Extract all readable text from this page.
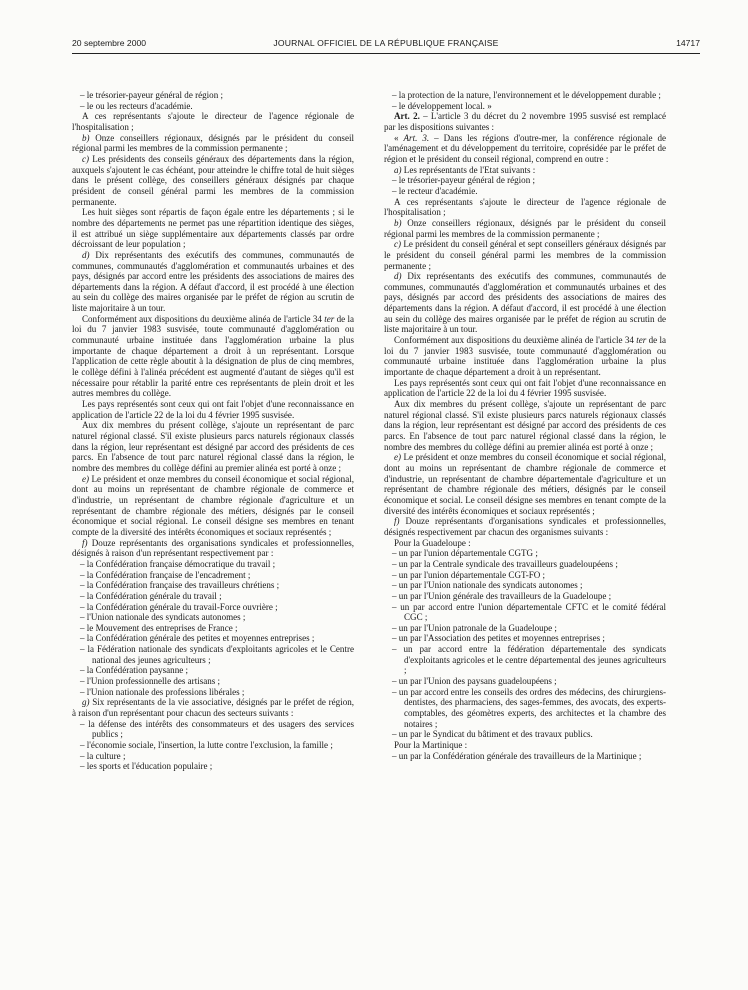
20 septembre 2000	JOURNAL OFFICIEL DE LA RÉPUBLIQUE FRANÇAISE	14717

– le trésorier-payeur général de région ;

– le ou les recteurs d'académie.

A ces représentants s'ajoute le directeur de l'agence régionale de l'hospitalisation ;

b) Onze conseillers régionaux, désignés par le président du conseil régional parmi les membres de la commission permanente ;

c) Les présidents des conseils généraux des départements dans la région, auxquels s'ajoutent le cas échéant, pour atteindre le chiffre total de huit sièges dans le présent collège, des conseillers généraux désignés par chaque président de conseil général parmi les membres de la commission permanente.

Les huit sièges sont répartis de façon égale entre les départements ; si le nombre des départements ne permet pas une répartition identique des sièges, il est attribué un siège supplémentaire aux départements classés par ordre décroissant de leur population ;

d) Dix représentants des exécutifs des communes, communautés de communes, communautés d'agglomération et communautés urbaines et des pays, désignés par accord entre les présidents des associations de maires des départements dans la région. A défaut d'accord, il est procédé à une élection au sein du collège des maires organisée par le préfet de région au scrutin de liste majoritaire à un tour.

Conformément aux dispositions du deuxième alinéa de l'article 34 ter de la loi du 7 janvier 1983 susvisée, toute communauté d'agglomération ou communauté urbaine instituée dans l'agglomération urbaine la plus importante de chaque département a droit à un représentant. Lorsque l'application de cette règle aboutit à la désignation de plus de cinq membres, le collège défini à l'alinéa précédent est augmenté d'autant de sièges qu'il est nécessaire pour rétablir la parité entre ces représentants de plein droit et les autres membres du collège.

Les pays représentés sont ceux qui ont fait l'objet d'une reconnaissance en application de l'article 22 de la loi du 4 février 1995 susvisée.

Aux dix membres du présent collège, s'ajoute un représentant de parc naturel régional classé. S'il existe plusieurs parcs naturels régionaux classés dans la région, leur représentant est désigné par accord des présidents de ces parcs. En l'absence de tout parc naturel régional classé dans la région, le nombre des membres du collège défini au premier alinéa est porté à onze ;

e) Le président et onze membres du conseil économique et social régional, dont au moins un représentant de chambre régionale de commerce et d'industrie, un représentant de chambre régionale d'agriculture et un représentant de chambre régionale des métiers, désignés par le conseil économique et social régional. Le conseil désigne ses membres en tenant compte de la diversité des intérêts économiques et sociaux représentés ;

f) Douze représentants des organisations syndicales et professionnelles, désignés à raison d'un représentant respectivement par :

– la Confédération française démocratique du travail ;

– la Confédération française de l'encadrement ;

– la Confédération française des travailleurs chrétiens ;

– la Confédération générale du travail ;

– la Confédération générale du travail-Force ouvrière ;

– l'Union nationale des syndicats autonomes ;

– le Mouvement des entreprises de France ;

– la Confédération générale des petites et moyennes entreprises ;

– la Fédération nationale des syndicats d'exploitants agricoles et le Centre national des jeunes agriculteurs ;

– la Confédération paysanne ;

– l'Union professionnelle des artisans ;

– l'Union nationale des professions libérales ;

g) Six représentants de la vie associative, désignés par le préfet de région, à raison d'un représentant pour chacun des secteurs suivants :

– la défense des intérêts des consommateurs et des usagers des services publics ;

– l'économie sociale, l'insertion, la lutte contre l'exclusion, la famille ;

– la culture ;

– les sports et l'éducation populaire ;

– la protection de la nature, l'environnement et le développement durable ;

– le développement local. »

Art. 2. – L'article 3 du décret du 2 novembre 1995 susvisé est remplacé par les dispositions suivantes :

« Art. 3. – Dans les régions d'outre-mer, la conférence régionale de l'aménagement et du développement du territoire, coprésidée par le préfet de région et le président du conseil régional, comprend en outre :

a) Les représentants de l'Etat suivants :

– le trésorier-payeur général de région ;

– le recteur d'académie.

A ces représentants s'ajoute le directeur de l'agence régionale de l'hospitalisation ;

b) Onze conseillers régionaux, désignés par le président du conseil régional parmi les membres de la commission permanente ;

c) Le président du conseil général et sept conseillers généraux désignés par le président du conseil général parmi les membres de la commission permanente ;

d) Dix représentants des exécutifs des communes, communautés de communes, communautés d'agglomération et communautés urbaines et des pays, désignés par accord des présidents des associations de maires des départements dans la région. A défaut d'accord, il est procédé à une élection au sein du collège des maires organisée par le préfet de région au scrutin de liste majoritaire à un tour.

Conformément aux dispositions du deuxième alinéa de l'article 34 ter de la loi du 7 janvier 1983 susvisée, toute communauté d'agglomération ou communauté urbaine instituée dans l'agglomération urbaine la plus importante de chaque département a droit à un représentant.

Les pays représentés sont ceux qui ont fait l'objet d'une reconnaissance en application de l'article 22 de la loi du 4 février 1995 susvisée.

Aux dix membres du présent collège, s'ajoute un représentant de parc naturel régional classé. S'il existe plusieurs parcs naturels régionaux classés dans la région, leur représentant est désigné par accord des présidents de ces parcs. En l'absence de tout parc naturel régional classé dans la région, le nombre des membres du collège défini au premier alinéa est porté à onze ;

e) Le président et onze membres du conseil économique et social régional, dont au moins un représentant de chambre régionale de commerce et d'industrie, un représentant de chambre départementale d'agriculture et un représentant de chambre régionale des métiers, désignés par le conseil économique et social. Le conseil désigne ses membres en tenant compte de la diversité des intérêts économiques et sociaux représentés ;

f) Douze représentants d'organisations syndicales et professionnelles, désignés respectivement par chacun des organismes suivants :

Pour la Guadeloupe :

– un par l'union départementale CGTG ;

– un par la Centrale syndicale des travailleurs guadeloupéens ;

– un par l'union départementale CGT-FO ;

– un par l'Union nationale des syndicats autonomes ;

– un par l'Union générale des travailleurs de la Guadeloupe ;

– un par accord entre l'union départementale CFTC et le comité fédéral CGC ;

– un par l'Union patronale de la Guadeloupe ;

– un par l'Association des petites et moyennes entreprises ;

– un par accord entre la fédération départementale des syndicats d'exploitants agricoles et le centre départemental des jeunes agriculteurs ;

– un par l'Union des paysans guadeloupéens ;

– un par accord entre les conseils des ordres des médecins, des chirurgiens-dentistes, des pharmaciens, des sages-femmes, des avocats, des experts-comptables, des géomètres experts, des architectes et la chambre des notaires ;

– un par le Syndicat du bâtiment et des travaux publics.

Pour la Martinique :

– un par la Confédération générale des travailleurs de la Martinique ;
